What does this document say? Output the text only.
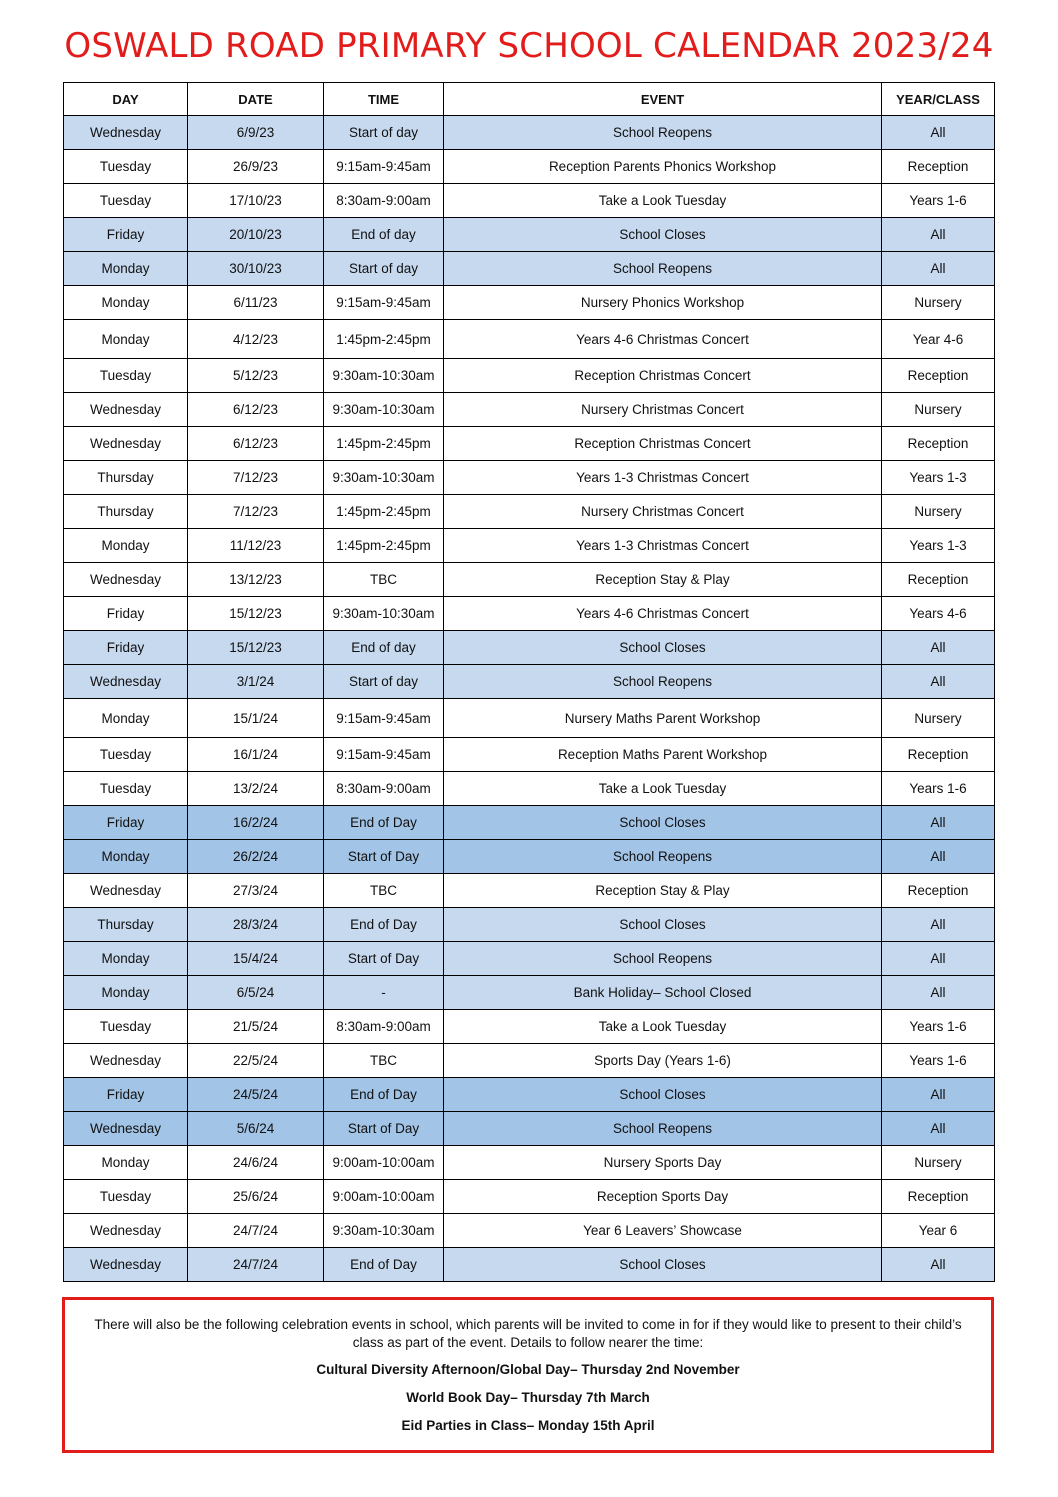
OSWALD ROAD PRIMARY SCHOOL CALENDAR 2023/24
DAY	DATE	TIME	EVENT	YEAR/CLASS
Wednesday	6/9/23	Start of day	School Reopens	All
Tuesday	26/9/23	9:15am-9:45am	Reception Parents Phonics Workshop	Reception
Tuesday	17/10/23	8:30am-9:00am	Take a Look Tuesday	Years 1-6
Friday	20/10/23	End of day	School Closes	All
Monday	30/10/23	Start of day	School Reopens	All
Monday	6/11/23	9:15am-9:45am	Nursery Phonics Workshop	Nursery
Monday	4/12/23	1:45pm-2:45pm	Years 4-6 Christmas Concert	Year 4-6
Tuesday	5/12/23	9:30am-10:30am	Reception Christmas Concert	Reception
Wednesday	6/12/23	9:30am-10:30am	Nursery Christmas Concert	Nursery
Wednesday	6/12/23	1:45pm-2:45pm	Reception Christmas Concert	Reception
Thursday	7/12/23	9:30am-10:30am	Years 1-3 Christmas Concert	Years 1-3
Thursday	7/12/23	1:45pm-2:45pm	Nursery Christmas Concert	Nursery
Monday	11/12/23	1:45pm-2:45pm	Years 1-3 Christmas Concert	Years 1-3
Wednesday	13/12/23	TBC	Reception Stay & Play	Reception
Friday	15/12/23	9:30am-10:30am	Years 4-6 Christmas Concert	Years 4-6
Friday	15/12/23	End of day	School Closes	All
Wednesday	3/1/24	Start of day	School Reopens	All
Monday	15/1/24	9:15am-9:45am	Nursery Maths Parent Workshop	Nursery
Tuesday	16/1/24	9:15am-9:45am	Reception Maths Parent Workshop	Reception
Tuesday	13/2/24	8:30am-9:00am	Take a Look Tuesday	Years 1-6
Friday	16/2/24	End of Day	School Closes	All
Monday	26/2/24	Start of Day	School Reopens	All
Wednesday	27/3/24	TBC	Reception Stay & Play	Reception
Thursday	28/3/24	End of Day	School Closes	All
Monday	15/4/24	Start of Day	School Reopens	All
Monday	6/5/24	-	Bank Holiday– School Closed	All
Tuesday	21/5/24	8:30am-9:00am	Take a Look Tuesday	Years 1-6
Wednesday	22/5/24	TBC	Sports Day (Years 1-6)	Years 1-6
Friday	24/5/24	End of Day	School Closes	All
Wednesday	5/6/24	Start of Day	School Reopens	All
Monday	24/6/24	9:00am-10:00am	Nursery Sports Day	Nursery
Tuesday	25/6/24	9:00am-10:00am	Reception Sports Day	Reception
Wednesday	24/7/24	9:30am-10:30am	Year 6 Leavers’ Showcase	Year 6
Wednesday	24/7/24	End of Day	School Closes	All
There will also be the following celebration events in school, which parents will be invited to come in for if they would like to present to their child’s class as part of the event. Details to follow nearer the time:
Cultural Diversity Afternoon/Global Day– Thursday 2nd November
World Book Day– Thursday 7th March
Eid Parties in Class– Monday 15th April
